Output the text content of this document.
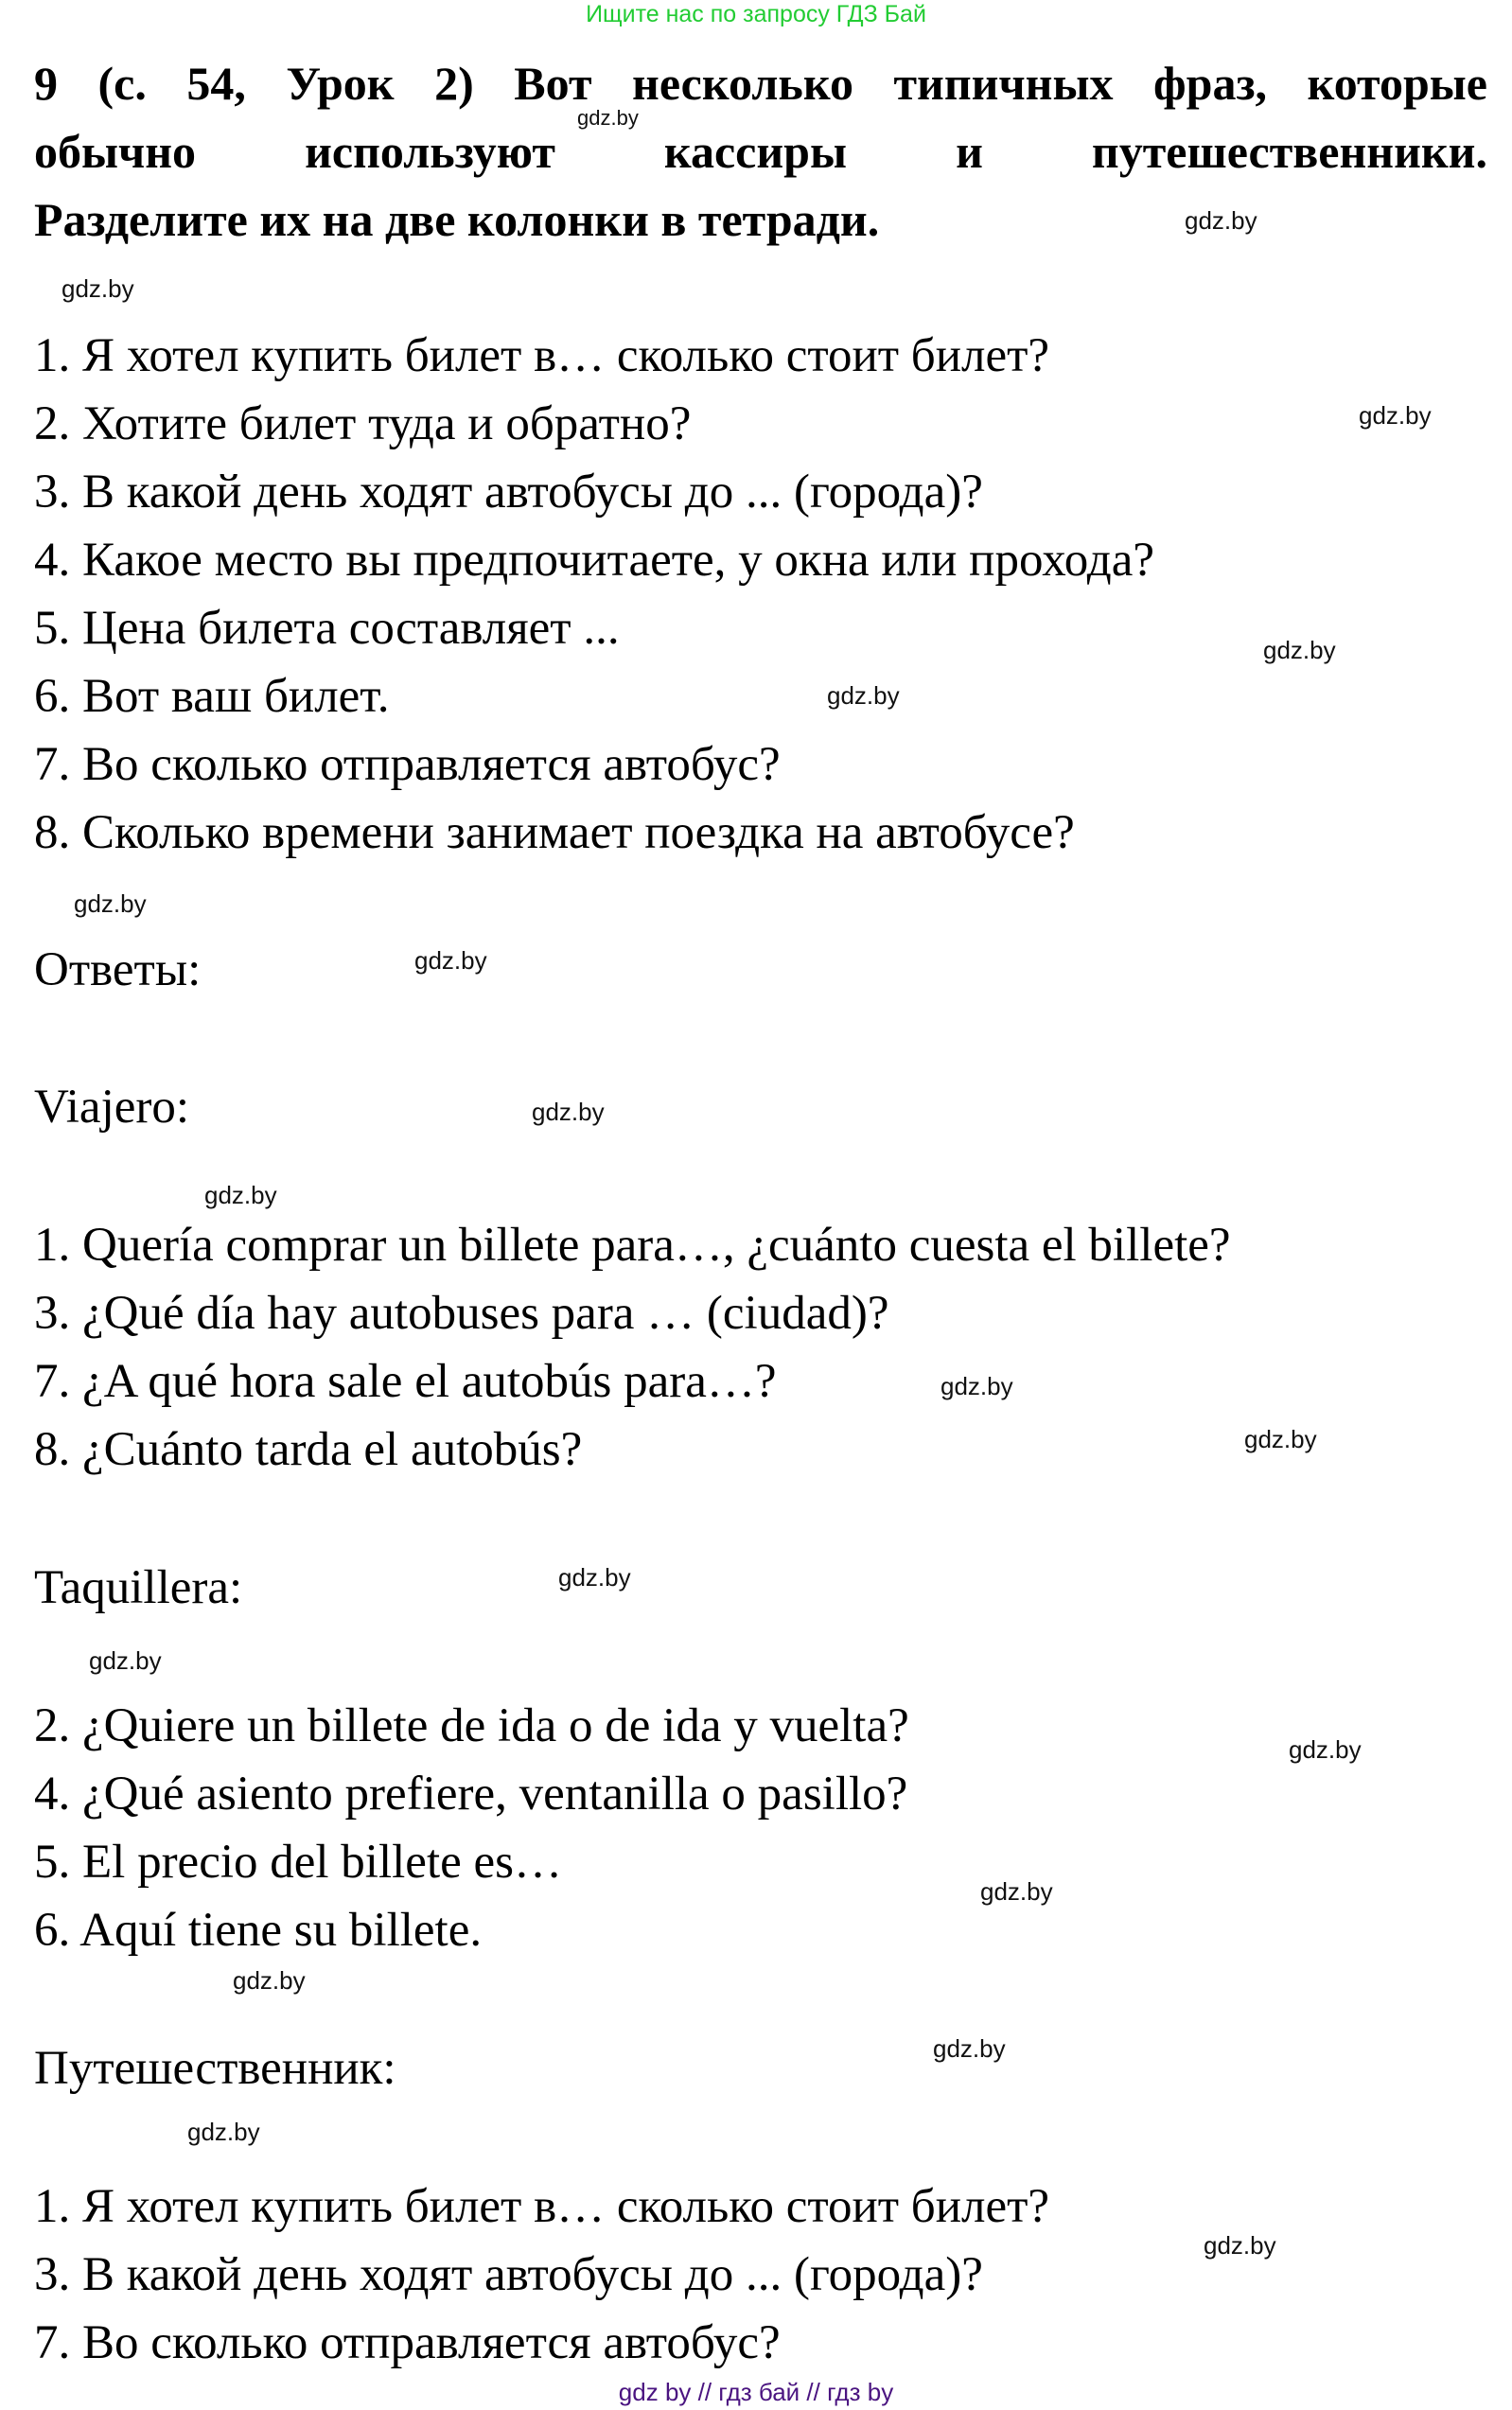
Ищите нас по запросу ГДЗ Бай
9 (с. 54, Урок 2) Вот несколько типичных фраз, которые
обычно используют кассиры и путешественники.
Разделите их на две колонки в тетради.
1. Я хотел купить билет в… сколько стоит билет?
2. Хотите билет туда и обратно?
3. В какой день ходят автобусы до ... (города)?
4. Какое место вы предпочитаете, у окна или прохода?
5. Цена билета составляет ...
6. Вот ваш билет.
7. Во сколько отправляется автобус?
8. Сколько времени занимает поездка на автобусе?
Ответы:
Viajero:
1. Quería comprar un billete para…, ¿cuánto cuesta el billete?
3. ¿Qué día hay autobuses para … (ciudad)?
7. ¿A qué hora sale el autobús para…?
8. ¿Cuánto tarda el autobús?
Taquillera:
2. ¿Quiere un billete de ida o de ida y vuelta?
4. ¿Qué asiento prefiere, ventanilla o pasillo?
5. El precio del billete es…
6. Aquí tiene su billete.
Путешественник:
1. Я хотел купить билет в… сколько стоит билет?
3. В какой день ходят автобусы до ... (города)?
7. Во сколько отправляется автобус?
gdz.by
gdz.by
gdz.by
gdz.by
gdz.by
gdz.by
gdz.by
gdz.by
gdz.by
gdz.by
gdz.by
gdz.by
gdz.by
gdz.by
gdz.by
gdz.by
gdz.by
gdz.by
gdz.by
gdz.by
gdz by // гдз бай // гдз by
